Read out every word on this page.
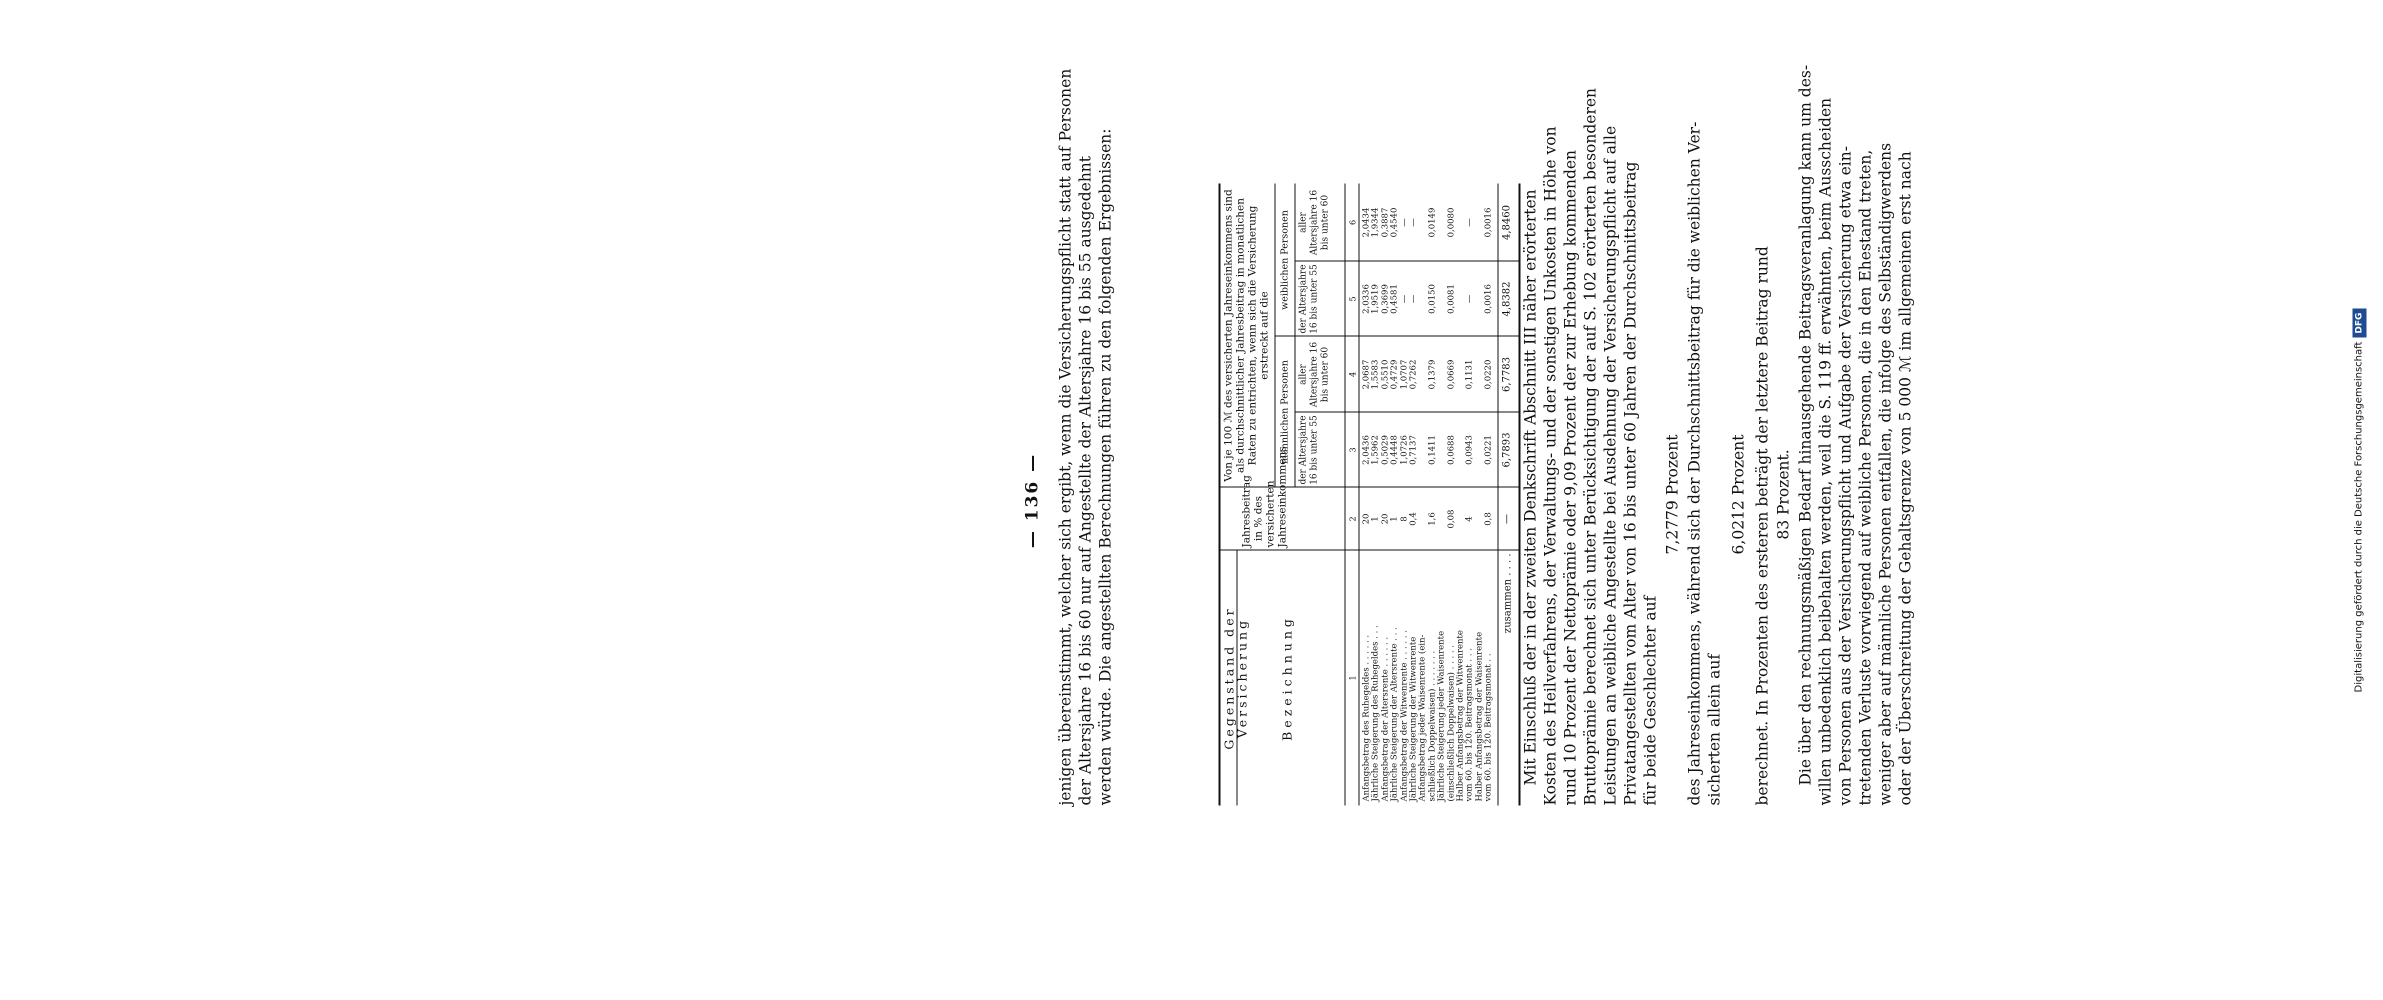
— 136 — jenigen übereinstimmt, welcher sich ergibt, wenn die Versicherungspflicht statt auf Personen der Altersjahre 16 bis 60 nur auf Angestellte der Altersjahre 16 bis 55 ausgedehnt werden würde. Die angestellten Berechnungen führen zu den folgenden Ergebnissen:	Gegenstand der Versicherung Bezeichnung
Jahresbeitrag in % des versicherten Jahreseinkommens
Von je 100 ℳ des versicherten Jahreseinkommens sind als durchschnittlicher Jahresbeitrag in monatlichen Raten zu entrichten, wenn sich die Versicherung erstreckt auf die
männlichen Personen
weiblichen Personen
der Altersjahre 16 bis unter 55
aller Altersjahre 16 bis unter 60
der Altersjahre 16 bis unter 55
aller Altersjahre 16 bis unter 60
1
2
3
4
5
6
Anfangsbetrag des Ruhegeldes . . . . . .
20
2,0436
2,0687
2,0336
2,0434
Jährliche Steigerung des Ruhegeldes . . .
1
1,5962
1,5583
1,9519
1,9344
Anfangsbetrag der Altersrente . . . . . .
20
0,5029
0,5510
0,3699
0,3887
Jährliche Steigerung der Altersrente . . .
1
0,4448
0,4729
0,4581
0,4540
Anfangsbetrag der Witwenrente . . . . . .
8
1,0726
1,0707
—
—
Jährliche Steigerung der Witwenrente
0,4
0,7137
0,7262
—
—
Anfangsbetrag jeder Waisenrente (ein- schließlich Doppelwaisen) . . . . . . .
1,6
0,1411
0,1379
0,0150
0,0149
Jährliche Steigerung jeder Waisenrente (einschließlich Doppelwaisen) . . . . .
0,08
0,0688
0,0669
0,0081
0,0080
Halber Anfangsbetrag der Witwenrente vom 60. bis 120. Beitragsmonat . . .
4
0,0943
0,1131
—
—
Halber Anfangsbetrag der Waisenrente vom 60. bis 120. Beitragsmonat . .
0,8
0,0221
0,0220
0,0016
0,0016
zusammen . . . .
—
6,7893
6,7783
4,8382
4,8460 Mit Einschluß der in der zweiten Denkschrift Abschnitt III näher erörterten Kosten des Heilverfahrens, der Verwaltungs- und der sonstigen Unkosten in Höhe von rund 10 Prozent der Nettoprämie oder 9,09 Prozent der zur Erhebung kommenden Bruttoprämie berechnet sich unter Berücksichtigung der auf S. 102 erörterten besonderen Leistungen an weibliche Angestellte bei Ausdehnung der Versicherungspflicht auf alle Privatangestellten vom Alter von 16 bis unter 60 Jahren der Durchschnittsbeitrag für beide Geschlechter auf
7,2779 Prozent des Jahreseinkommens, während sich der Durchschnittsbeitrag für die weiblichen Ver- sicherten allein auf
6,0212 Prozent berechnet. In Prozenten des ersteren beträgt der letztere Beitrag rund 83 Prozent. Die über den rechnungsmäßigen Bedarf hinausgehende Beitragsveranlagung kann um des- willen unbedenklich beibehalten werden, weil die S. 119 ff. erwähnten, beim Ausscheiden von Personen aus der Versicherungspflicht und Aufgabe der Versicherung etwa ein- tretenden Verluste vorwiegend auf weibliche Personen, die in den Ehestand treten, weniger aber auf männliche Personen entfallen, die infolge des Selbständigwerdens oder der Überschreitung der Gehaltsgrenze von 5 000 ℳ im allgemeinen erst nach	Digitalisierung gefördert durch die Deutsche ForschungsgemeinschaftDFG
